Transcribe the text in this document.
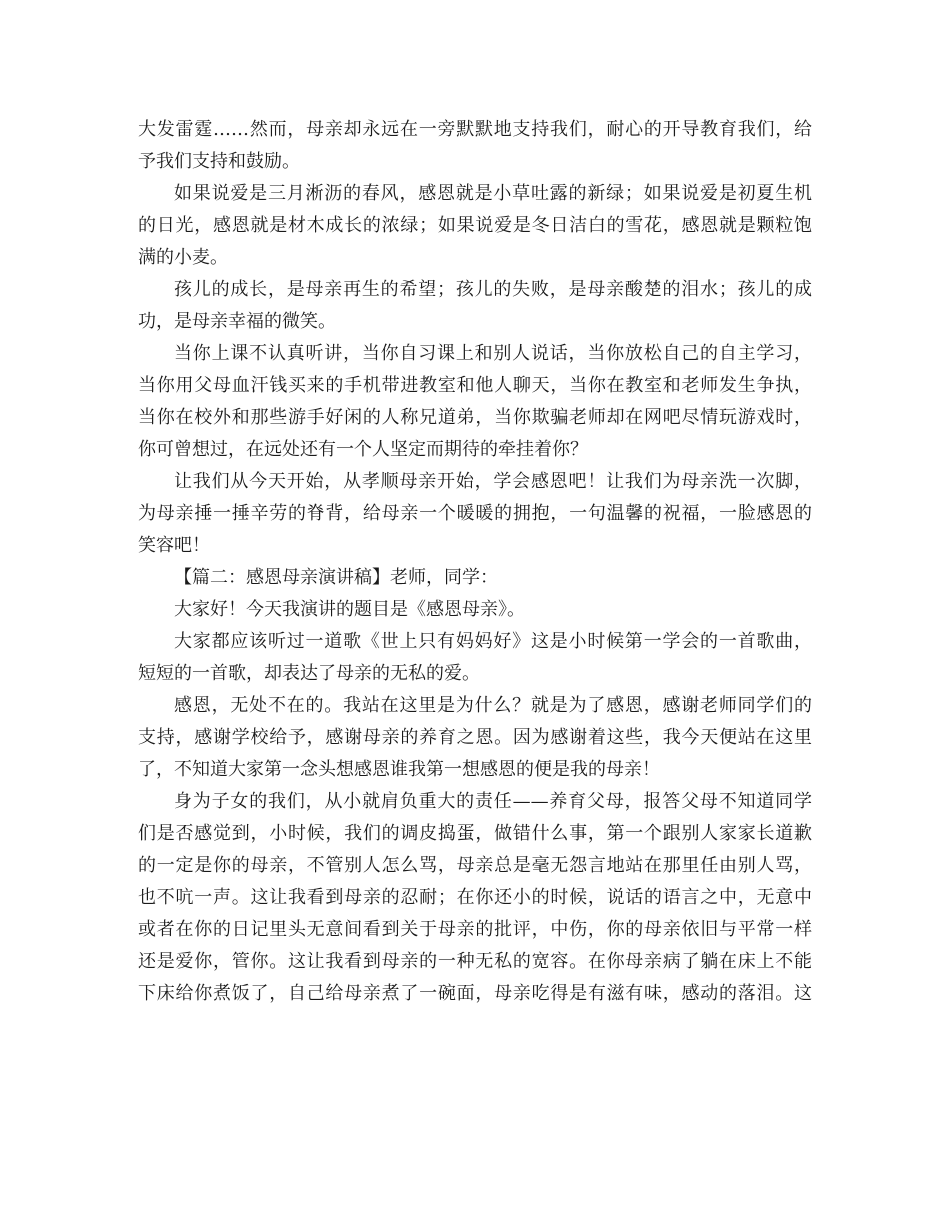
大发雷霆……然而，母亲却永远在一旁默默地支持我们，耐心的开导教育我们，给
予我们支持和鼓励。
如果说爱是三月淅沥的春风，感恩就是小草吐露的新绿；如果说爱是初夏生机
的日光，感恩就是材木成长的浓绿；如果说爱是冬日洁白的雪花，感恩就是颗粒饱
满的小麦。
孩儿的成长，是母亲再生的希望；孩儿的失败，是母亲酸楚的泪水；孩儿的成
功，是母亲幸福的微笑。
当你上课不认真听讲，当你自习课上和别人说话，当你放松自己的自主学习，
当你用父母血汗钱买来的手机带进教室和他人聊天，当你在教室和老师发生争执，
当你在校外和那些游手好闲的人称兄道弟，当你欺骗老师却在网吧尽情玩游戏时，
你可曾想过，在远处还有一个人坚定而期待的牵挂着你？
让我们从今天开始，从孝顺母亲开始，学会感恩吧！让我们为母亲洗一次脚，
为母亲捶一捶辛劳的脊背，给母亲一个暖暖的拥抱，一句温馨的祝福，一脸感恩的
笑容吧！
【篇二：感恩母亲演讲稿】老师，同学：
大家好！今天我演讲的题目是《感恩母亲》。
大家都应该听过一道歌《世上只有妈妈好》这是小时候第一学会的一首歌曲，
短短的一首歌，却表达了母亲的无私的爱。
感恩，无处不在的。我站在这里是为什么？就是为了感恩，感谢老师同学们的
支持，感谢学校给予，感谢母亲的养育之恩。因为感谢着这些，我今天便站在这里
了，不知道大家第一念头想感恩谁我第一想感恩的便是我的母亲！
身为子女的我们，从小就肩负重大的责任——养育父母，报答父母不知道同学
们是否感觉到，小时候，我们的调皮捣蛋，做错什么事，第一个跟别人家家长道歉
的一定是你的母亲，不管别人怎么骂，母亲总是毫无怨言地站在那里任由别人骂，
也不吭一声。这让我看到母亲的忍耐；在你还小的时候，说话的语言之中，无意中
或者在你的日记里头无意间看到关于母亲的批评，中伤，你的母亲依旧与平常一样
还是爱你，管你。这让我看到母亲的一种无私的宽容。在你母亲病了躺在床上不能
下床给你煮饭了，自己给母亲煮了一碗面，母亲吃得是有滋有味，感动的落泪。这
